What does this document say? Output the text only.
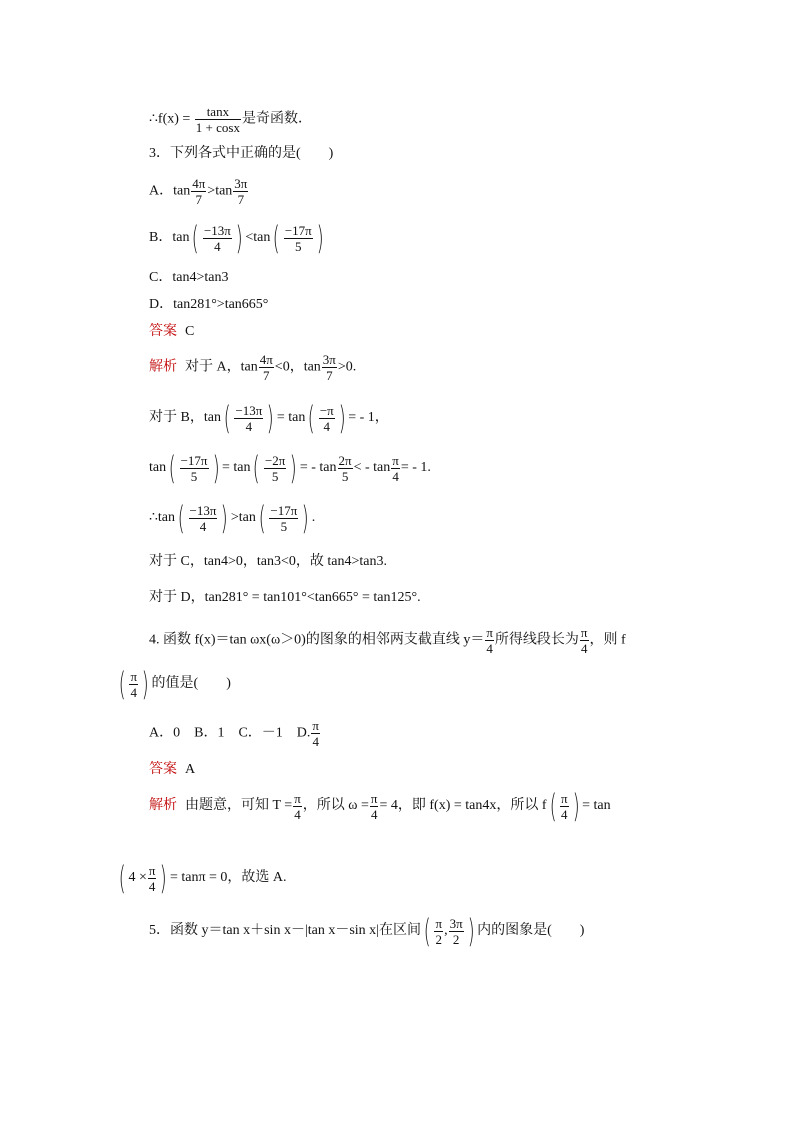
∴f(x) = $\frac{\tan x}{1 + \cos x}$ 是奇函数．
3．下列各式中正确的是(　　)
A．$\tan \frac{4\pi}{7} >\tan \frac{3\pi}{7}$
B．$\tan( \frac{-13\pi}{4}$ ) $<\tan( \frac{-17\pi}{5}$ )
C．tan4>tan3
D．tan281°>tan665°
答案 C
解析 对于 A，$\tan \frac{4\pi}{7} <0$，$\tan \frac{3\pi}{7} >0$.
对于 B，$\tan( \frac{-13\pi}{4}$ ) = $\tan( \frac{-\pi}{4}$ ) = ‑ 1，
$\tan( \frac{-17\pi}{5}$ ) = $\tan( \frac{-2\pi}{5}$ ) = ‑ $\tan \frac{2\pi}{5}$ < ‑ $\tan \frac{\pi}{4}$ = ‑ 1.
∴tan( $\frac{-13\pi}{4}$ ) $>\tan( \frac{-17\pi}{5}$ ) .
对于 C，tan4>0，tan3<0，故 tan4>tan3.
对于 D，tan281° = tan101°<tan665° = tan125°.
4. 函数 f(x)＝tan ωx(ω＞0)的图象的相邻两支截直线 $y= \frac{\pi}{4}$ 所得线段长为 $\frac{\pi}{4}$ ，则 f
( $\frac{\pi}{4}$ ) 的值是(　　)
A．0　B．1　C．－1　D. $\frac{\pi}{4}$
答案 A
解析 由题意，可知 $T = \frac{\pi}{4}$ ，所以 $\omega = \frac{\pi}{4} = 4$，即 f(x) = tan4x，所以 $f( \frac{\pi}{4}$ ) = tan
( $4 \times \frac{\pi}{4}$ ) = tanπ = 0，故选 A.
5．函数 y＝tan x＋sin x－|tan x－sin x|在区间( $\frac{\pi}{2}$ , $\frac{3\pi}{2}$ ) 内的图象是(　　)
